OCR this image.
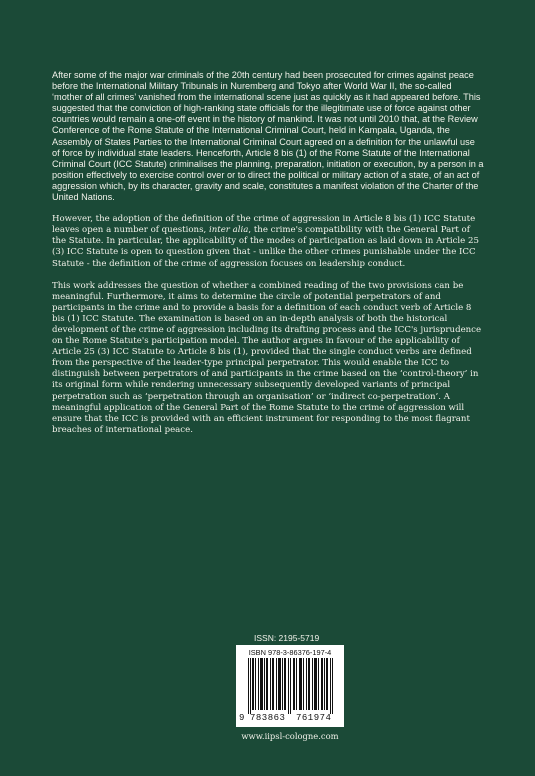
After some of the major war criminals of the 20th century had been prosecuted for crimes against peace before the International Military Tribunals in Nuremberg and Tokyo after World War II, the so-called ‘mother of all crimes’ vanished from the international scene just as quickly as it had appeared before. This suggested that the conviction of high-ranking state officials for the illegitimate use of force against other countries would remain a one-off event in the history of mankind. It was not until 2010 that, at the Review Conference of the Rome Statute of the International Criminal Court, held in Kampala, Uganda, the Assembly of States Parties to the International Criminal Court agreed on a definition for the unlawful use of force by individual state leaders. Henceforth, Article 8 bis (1) of the Rome Statute of the International Criminal Court (ICC Statute) criminalises the planning, preparation, initiation or execution, by a person in a position effectively to exercise control over or to direct the political or military action of a state, of an act of aggression which, by its character, gravity and scale, constitutes a manifest violation of the Charter of the United Nations.

However, the adoption of the definition of the crime of aggression in Article 8 bis (1) ICC Statute leaves open a number of questions, inter alia, the crime's compatibility with the General Part of the Statute. In particular, the applicability of the modes of participation as laid down in Article 25 (3) ICC Statute is open to question given that - unlike the other crimes punishable under the ICC Statute - the definition of the crime of aggression focuses on leadership conduct.

This work addresses the question of whether a combined reading of the two provisions can be meaningful. Furthermore, it aims to determine the circle of potential perpetrators of and participants in the crime and to provide a basis for a definition of each conduct verb of Article 8 bis (1) ICC Statute. The examination is based on an in-depth analysis of both the historical development of the crime of aggression including its drafting process and the ICC's jurisprudence on the Rome Statute's participation model. The author argues in favour of the applicability of Article 25 (3) ICC Statute to Article 8 bis (1), provided that the single conduct verbs are defined from the perspective of the leader-type principal perpetrator. This would enable the ICC to distinguish between perpetrators of and participants in the crime based on the ‘control-theory’ in its original form while rendering unnecessary subsequently developed variants of principal perpetration such as ‘perpetration through an organisation’ or ‘indirect co-perpetration’. A meaningful application of the General Part of the Rome Statute to the crime of aggression will ensure that the ICC is provided with an efficient instrument for responding to the most flagrant breaches of international peace.

ISSN: 2195-5719
ISBN 978-3-86376-197-4
9 783863 761974
www.iipsl-cologne.com
